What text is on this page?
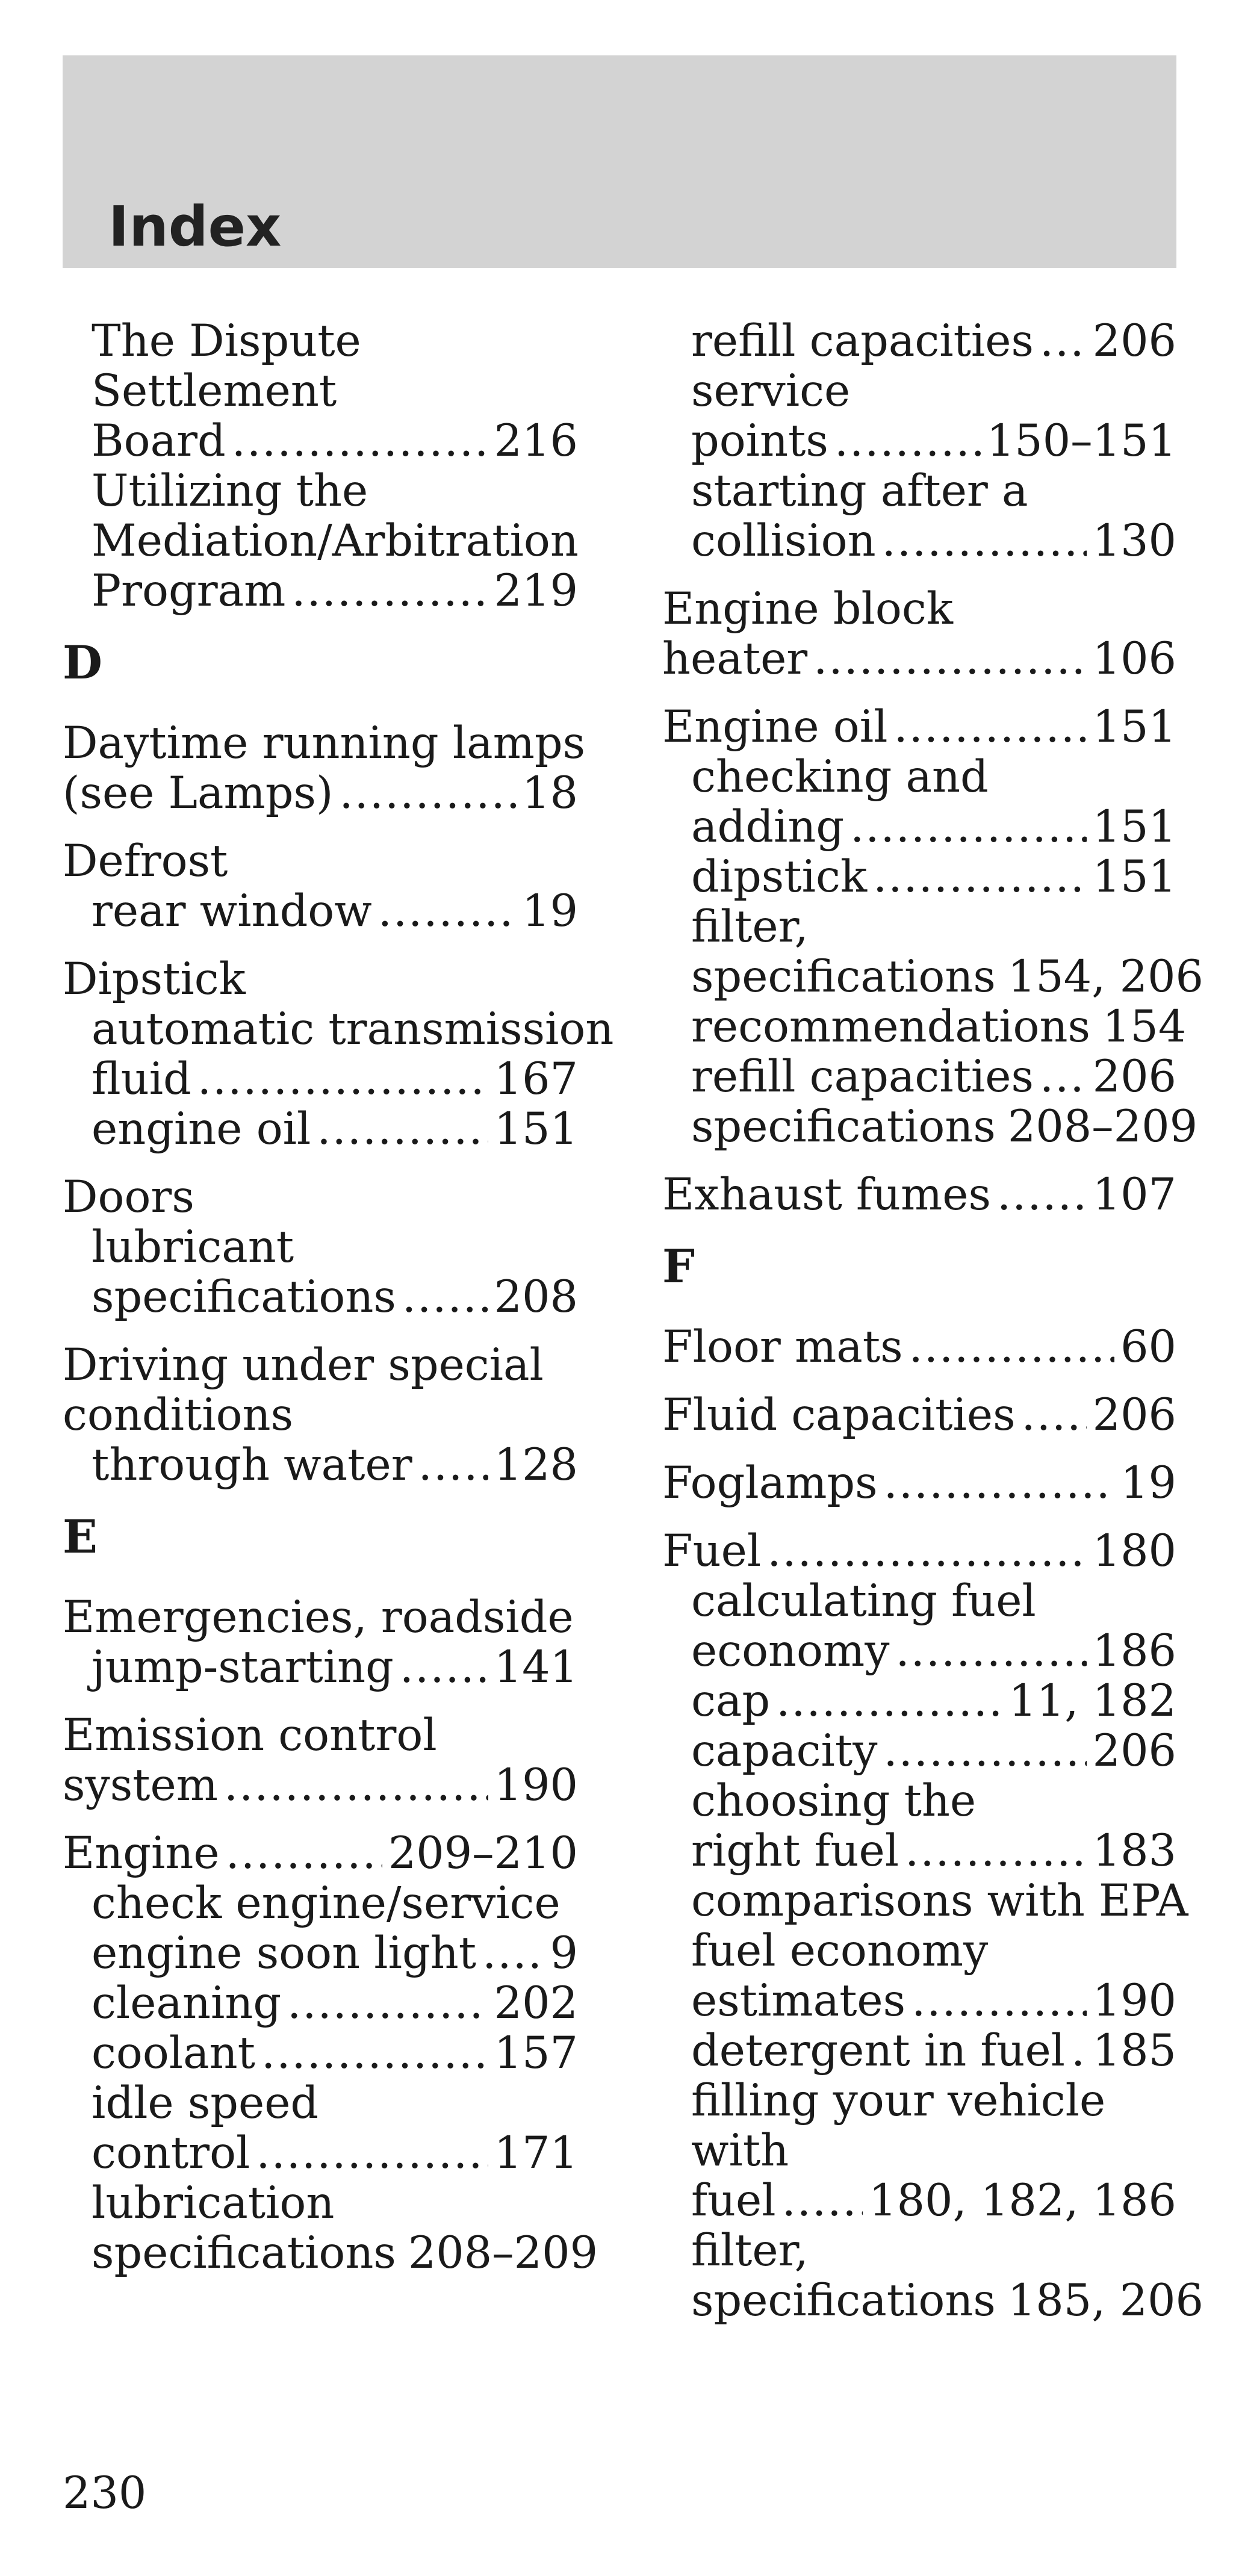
Index
The Dispute
Settlement
Board .....	216
Utilizing the
Mediation/Arbitration
Program .....	219
D
Daytime running lamps
(see Lamps) .....	18
Defrost
rear window .....	19
Dipstick
automatic transmission
fluid .....	167
engine oil .....	151
Doors
lubricant
specifications ..... 208
Driving under special
conditions
through water ..... 128
E
Emergencies, roadside
jump-starting ..... 141
Emission control
system .....	190
Engine .....	209–210
check engine/service
engine soon light ..... 9
cleaning .....	202
coolant .....	157
idle speed
control .....	171
lubrication
specifications 208–209
refill capacities ..... 206
service
points .....	150–151
starting after a
collision .....	130
Engine block
heater .....	106
Engine oil .....	151
checking and
adding .....	151
dipstick .....	151
filter,
specifications 154, 206
recommendations 154
refill capacities ..... 206
specifications 208–209
Exhaust fumes ..... 107
F
Floor mats .....	60
Fluid capacities ..... 206
Foglamps .....	19
Fuel .....	180
calculating fuel
economy .....	186
cap .....	11, 182
capacity .....	206
choosing the
right fuel .....	183
comparisons with EPA
fuel economy
estimates .....	190
detergent in fuel ..... 185
filling your vehicle
with
fuel ..... 180, 182, 186
filter,
specifications 185, 206
230
